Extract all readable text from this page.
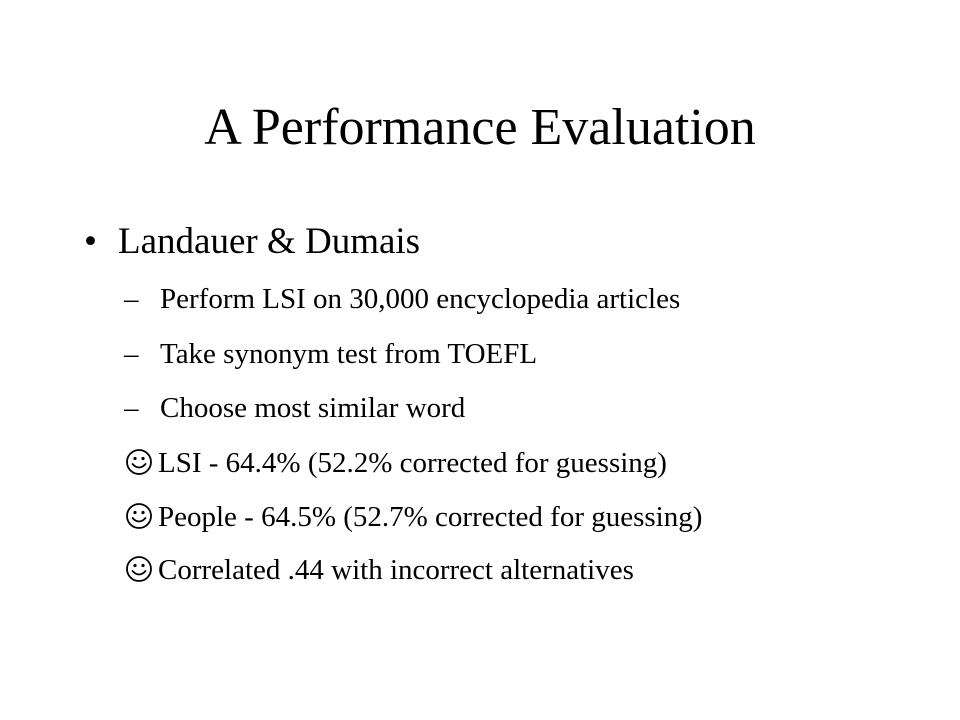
A Performance Evaluation
• Landauer & Dumais
– Perform LSI on 30,000 encyclopedia articles
– Take synonym test from TOEFL
– Choose most similar word
LSI - 64.4% (52.2% corrected for guessing)
People - 64.5% (52.7% corrected for guessing)
Correlated .44 with incorrect alternatives
